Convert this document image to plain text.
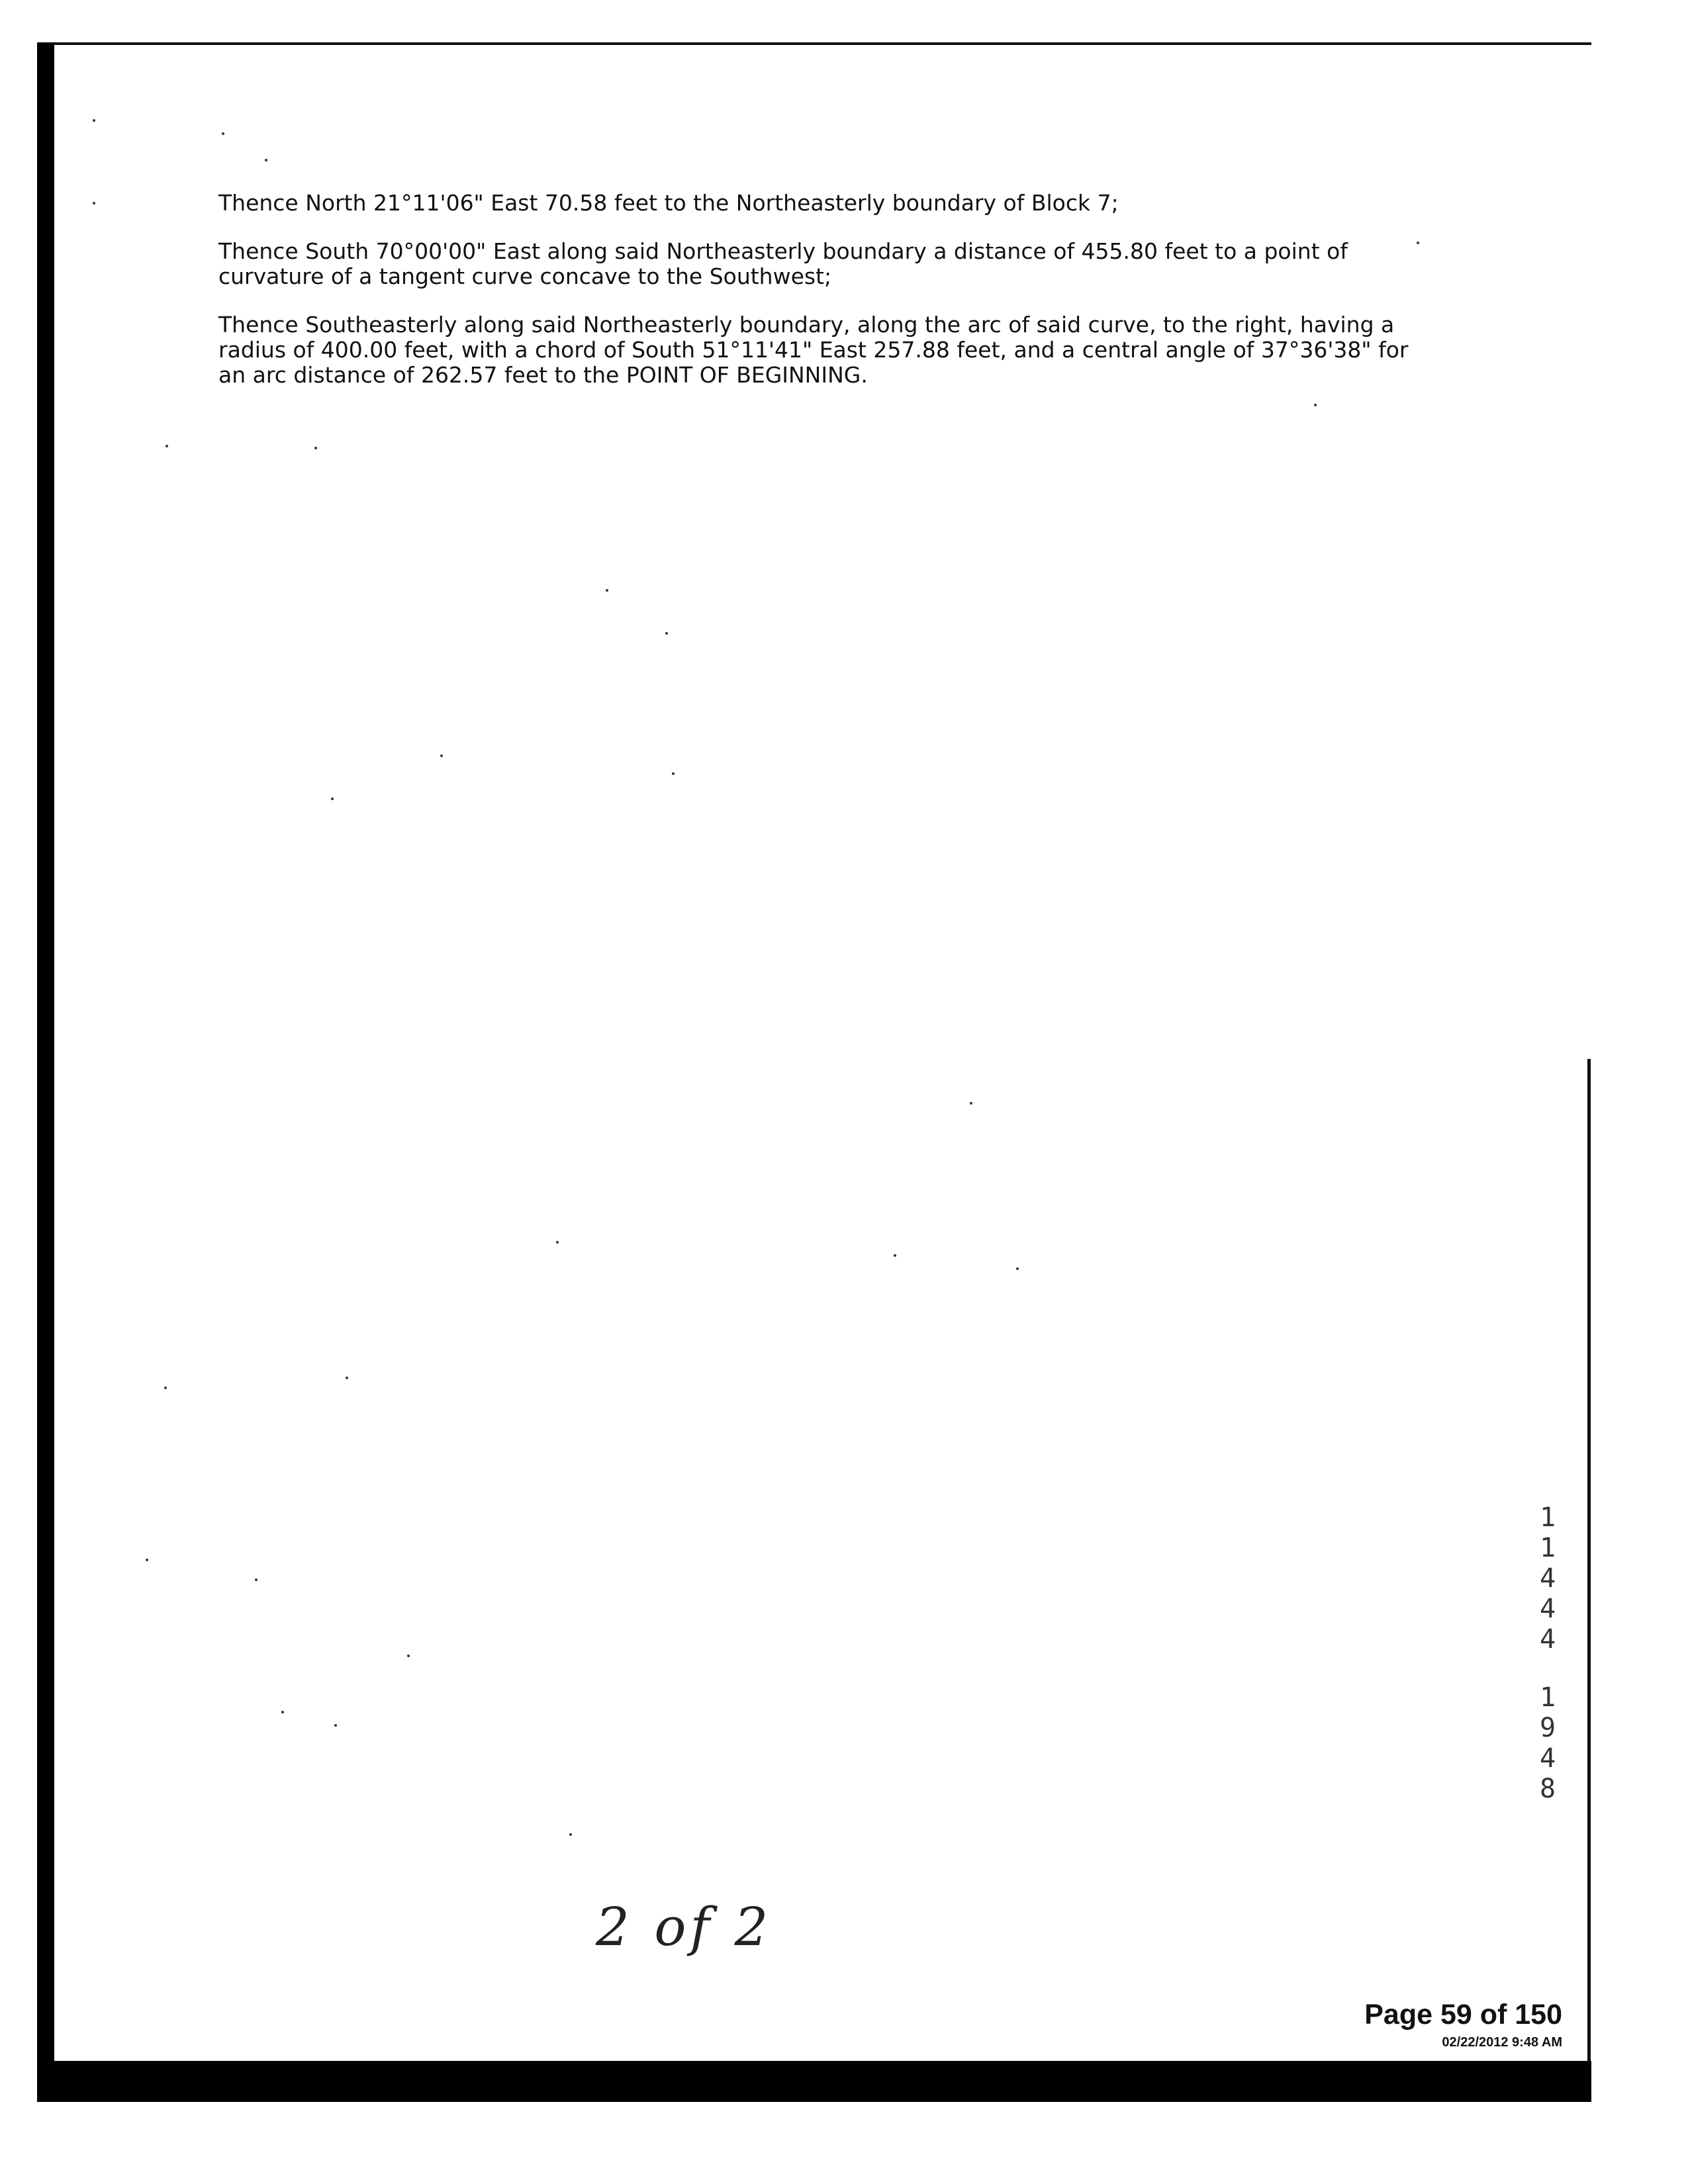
Thence North 21°11'06" East 70.58 feet to the Northeasterly boundary of Block 7;

Thence South 70°00'00" East along said Northeasterly boundary a distance of 455.80 feet to a point of curvature of a tangent curve concave to the Southwest;

Thence Southeasterly along said Northeasterly boundary, along the arc of said curve, to the right, having a radius of 400.00 feet, with a chord of South 51°11'41" East 257.88 feet, and a central angle of 37°36'38" for an arc distance of 262.57 feet to the POINT OF BEGINNING.

2 of 2
1
1
4
4
4
1
9
4
8
Page 59 of 150
02/22/2012 9:48 AM
